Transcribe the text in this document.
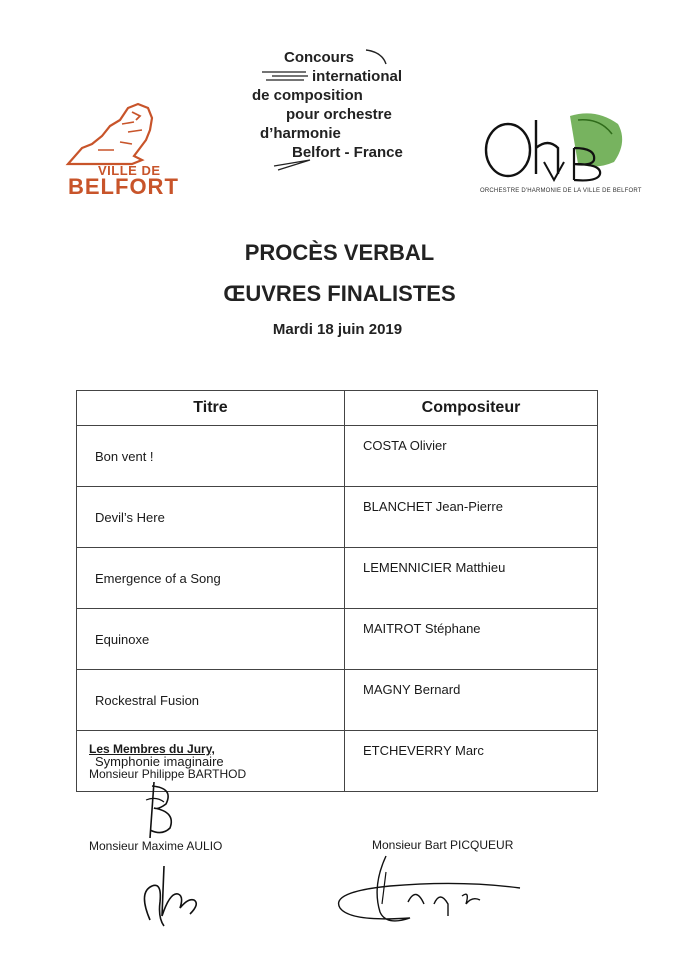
VILLE DE
BELFORT
Concours
international
de composition
pour orchestre
d’harmonie
Belfort - France
ORCHESTRE D'HARMONIE DE LA VILLE DE BELFORT
PROCÈS VERBAL
ŒUVRES FINALISTES
Mardi 18 juin 2019
Titre	Compositeur
Bon vent !	COSTA Olivier
Devil’s Here	BLANCHET Jean-Pierre
Emergence of a Song	LEMENNICIER Matthieu
Equinoxe	MAITROT Stéphane
Rockestral Fusion	MAGNY Bernard
Symphonie imaginaire	ETCHEVERRY Marc
Les Membres du Jury,
Monsieur Philippe BARTHOD
Monsieur Maxime AULIO	Monsieur Bart PICQUEUR
